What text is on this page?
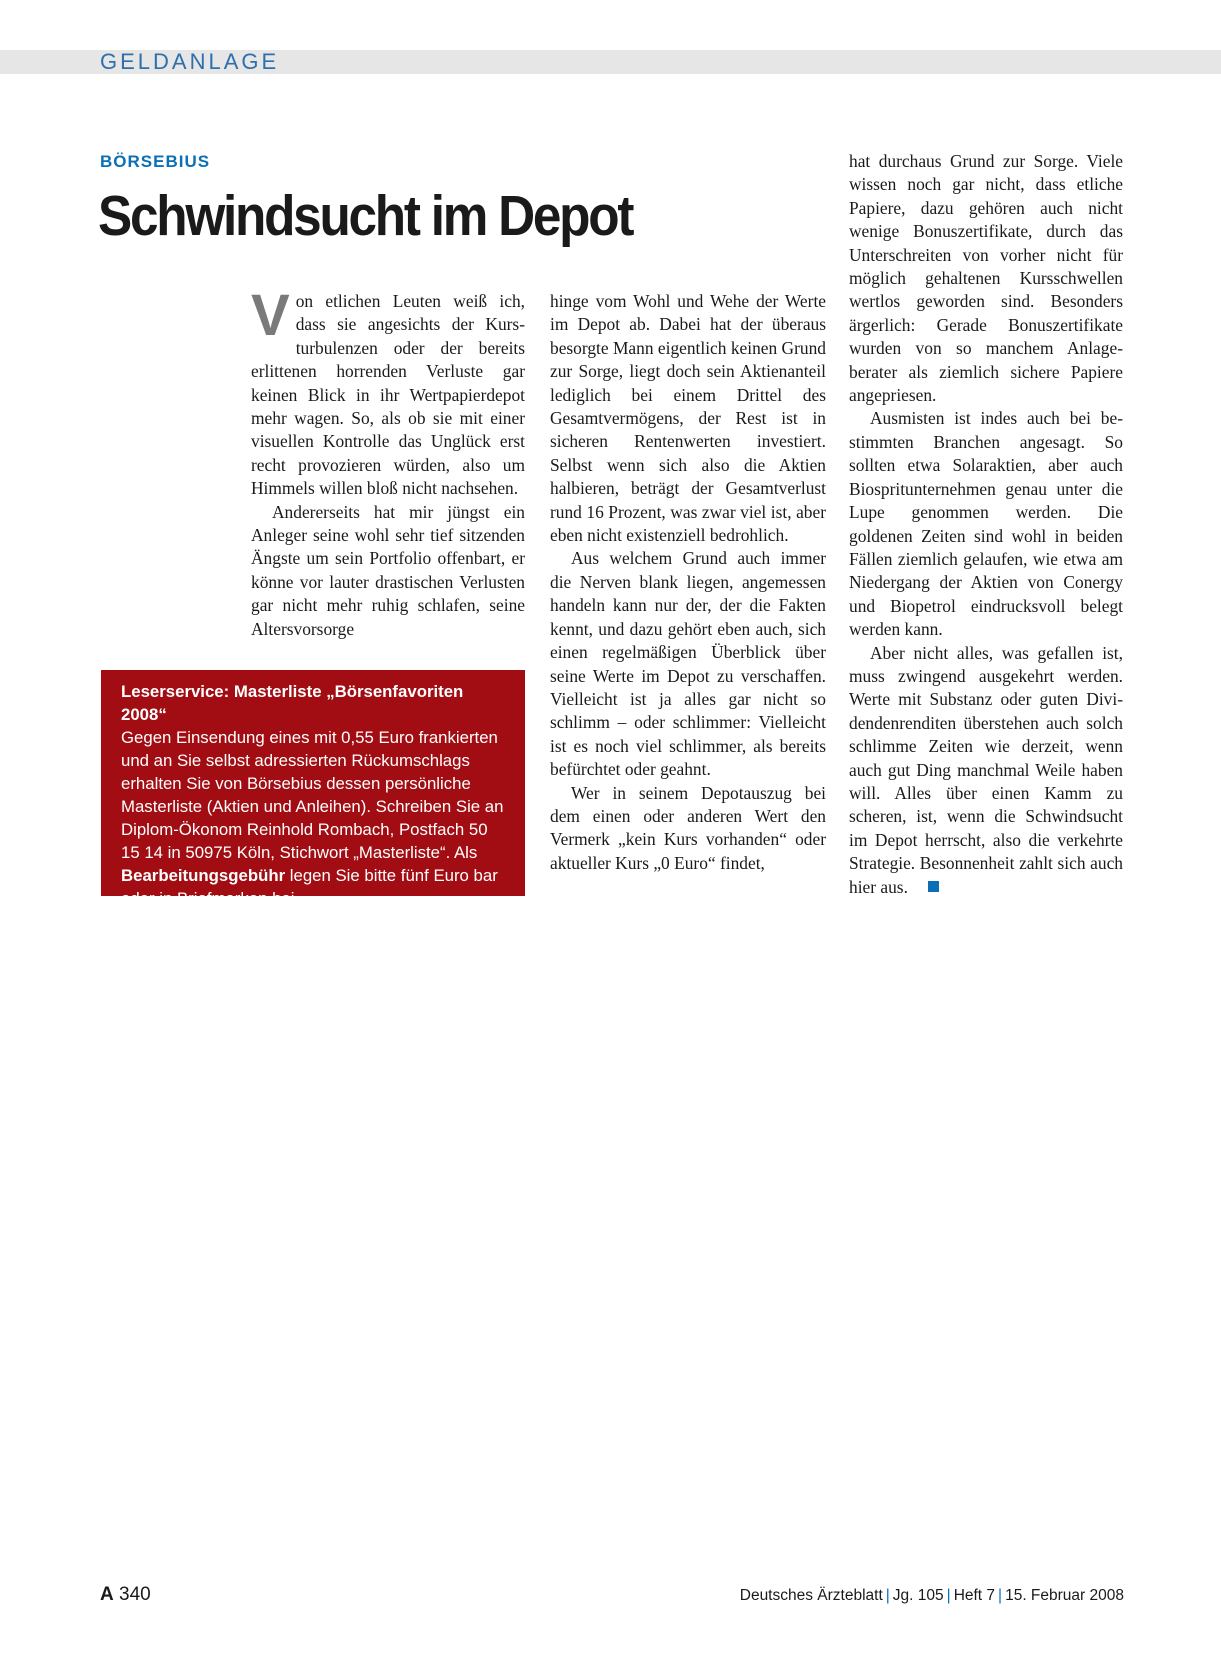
GELDANLAGE
BÖRSEBIUS
Schwindsucht im Depot

Von etlichen Leuten weiß ich, dass sie angesichts der Kursturbulenzen oder der bereits erlittenen horrenden Verluste gar keinen Blick in ihr Wertpapierdepot mehr wagen. So, als ob sie mit einer visuellen Kontrolle das Unglück erst recht provozieren würden, also um Himmels willen bloß nicht nachsehen.

Andererseits hat mir jüngst ein Anleger seine wohl sehr tief sitzenden Ängste um sein Portfolio offenbart, er könne vor lauter drastischen Verlusten gar nicht mehr ruhig schlafen, seine Altersvorsorge

hinge vom Wohl und Wehe der Werte im Depot ab. Dabei hat der überaus besorgte Mann eigentlich keinen Grund zur Sorge, liegt doch sein Aktienanteil lediglich bei einem Drittel des Gesamtvermögens, der Rest ist in sicheren Rentenwerten investiert. Selbst wenn sich also die Aktien halbieren, beträgt der Gesamtverlust rund 16 Prozent, was zwar viel ist, aber eben nicht existenziell bedrohlich.

Aus welchem Grund auch immer die Nerven blank liegen, angemessen handeln kann nur der, der die Fakten kennt, und dazu gehört eben auch, sich einen regelmäßigen Überblick über seine Werte im Depot zu verschaffen. Vielleicht ist ja alles gar nicht so schlimm – oder schlimmer: Vielleicht ist es noch viel schlimmer, als bereits befürchtet oder geahnt.

Wer in seinem Depotauszug bei dem einen oder anderen Wert den Vermerk „kein Kurs vorhanden“ oder aktueller Kurs „0 Euro“ findet,

hat durchaus Grund zur Sorge. Viele wissen noch gar nicht, dass etliche Papiere, dazu gehören auch nicht wenige Bonuszertifikate, durch das Unterschreiten von vorher nicht für möglich gehaltenen Kursschwellen wertlos geworden sind. Besonders ärgerlich: Gerade Bonuszertifikate wurden von so manchem Anlageberater als ziemlich sichere Papiere angepriesen.

Ausmisten ist indes auch bei bestimmten Branchen angesagt. So sollten etwa Solaraktien, aber auch Biospritunternehmen genau unter die Lupe genommen werden. Die goldenen Zeiten sind wohl in beiden Fällen ziemlich gelaufen, wie etwa am Niedergang der Aktien von Conergy und Biopetrol eindrucksvoll belegt werden kann.

Aber nicht alles, was gefallen ist, muss zwingend ausgekehrt werden. Werte mit Substanz oder guten Dividendenrenditen überstehen auch solch schlimme Zeiten wie derzeit, wenn auch gut Ding manchmal Weile haben will. Alles über einen Kamm zu scheren, ist, wenn die Schwindsucht im Depot herrscht, also die verkehrte Strategie. Besonnenheit zahlt sich auch hier aus.

Leserservice: Masterliste „Börsenfavoriten 2008“
Gegen Einsendung eines mit 0,55 Euro frankierten und an Sie selbst adressierten Rückumschlags erhalten Sie von Börsebius dessen persönliche Masterliste (Aktien und Anleihen). Schreiben Sie an Diplom-Ökonom Reinhold Rombach, Postfach 50 15 14 in 50975 Köln, Stichwort „Masterliste“. Als Bearbeitungsgebühr legen Sie bitte fünf Euro bar oder in Briefmarken bei.
A 340	Deutsches Ärzteblatt | Jg. 105 | Heft 7 | 15. Februar 2008
